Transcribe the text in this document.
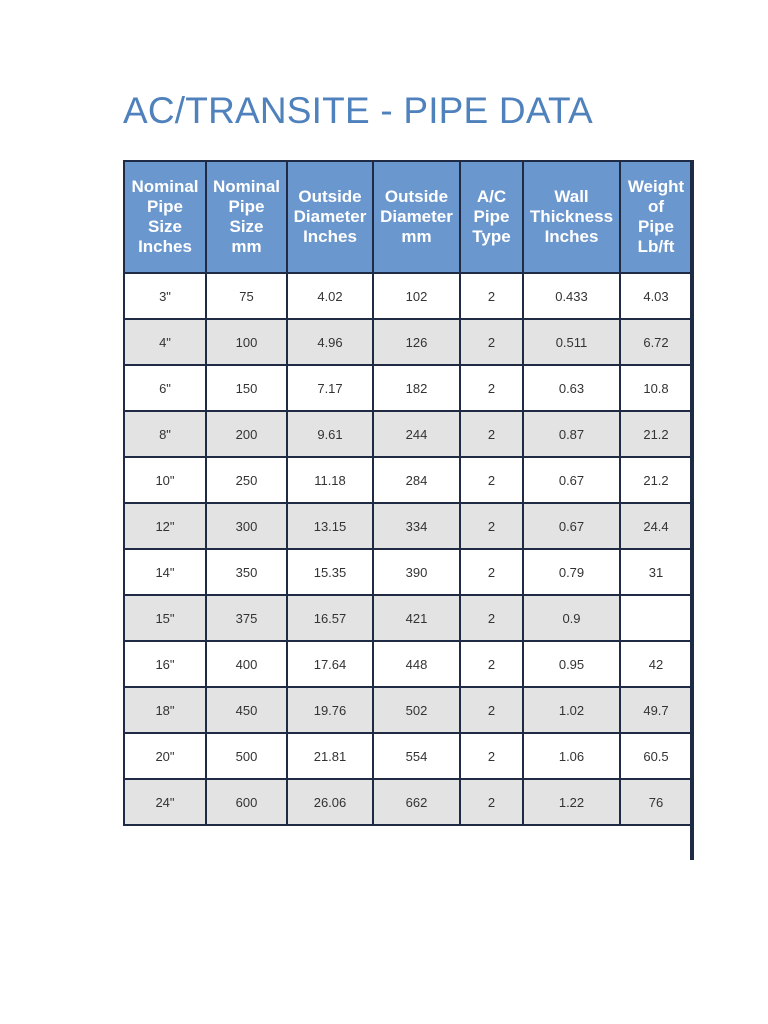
AC/TRANSITE - PIPE DATA
Nominal
Pipe
Size
Inches	Nominal
Pipe
Size
mm	Outside
Diameter
Inches	Outside
Diameter
mm	A/C
Pipe
Type	Wall
Thickness
Inches	Weight
of
Pipe
Lb/ft
3"	75	4.02	102	2	0.433	4.03
4"	100	4.96	126	2	0.511	6.72
6"	150	7.17	182	2	0.63	10.8
8"	200	9.61	244	2	0.87	21.2
10"	250	11.18	284	2	0.67	21.2
12"	300	13.15	334	2	0.67	24.4
14"	350	15.35	390	2	0.79	31
15"	375	16.57	421	2	0.9	
16"	400	17.64	448	2	0.95	42
18"	450	19.76	502	2	1.02	49.7
20"	500	21.81	554	2	1.06	60.5
24"	600	26.06	662	2	1.22	76
